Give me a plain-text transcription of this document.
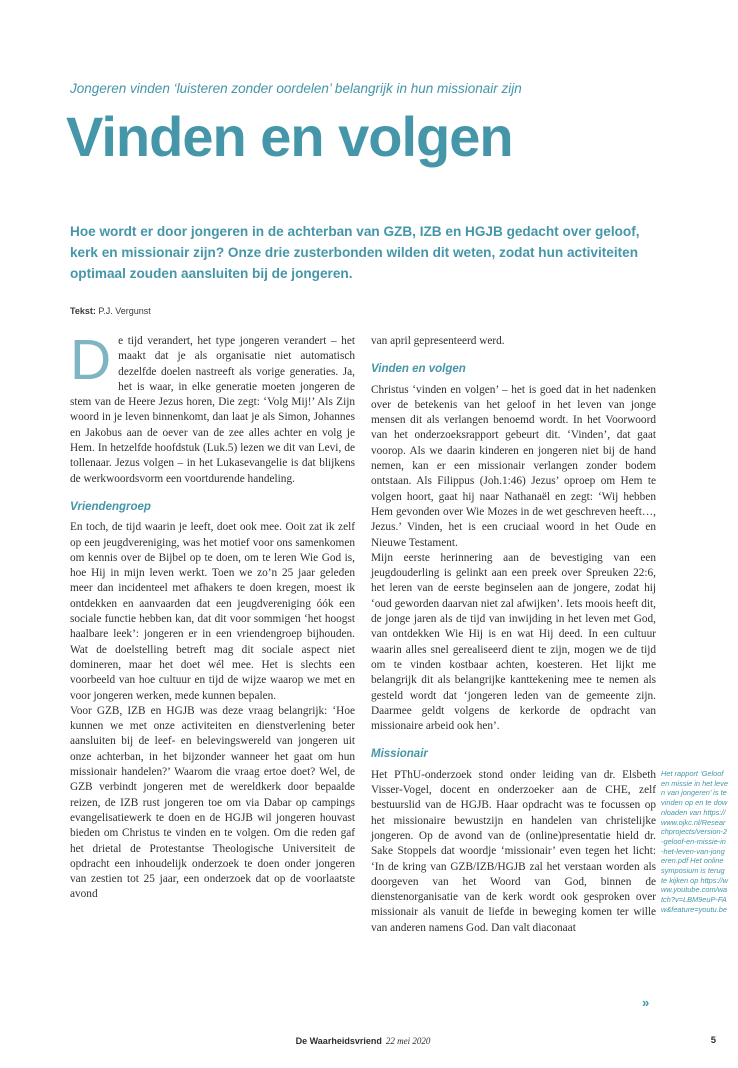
Jongeren vinden ‘luisteren zonder oordelen’ belangrijk in hun missionair zijn
Vinden en volgen

Hoe wordt er door jongeren in de achterban van GZB, IZB en HGJB gedacht over geloof, kerk en missionair zijn? Onze drie zusterbonden wilden dit weten, zodat hun activiteiten optimaal zouden aansluiten bij de jongeren.

Tekst: P.J. Vergunst

De tijd verandert, het type jongeren verandert – het maakt dat je als organisatie niet automatisch dezelfde doelen nastreeft als vorige generaties. Ja, het is waar, in elke generatie moeten jongeren de stem van de Heere Jezus horen, Die zegt: ‘Volg Mij!’ Als Zijn woord in je leven binnenkomt, dan laat je als Simon, Johannes en Jakobus aan de oever van de zee alles achter en volg je Hem. In hetzelfde hoofdstuk (Luk.5) lezen we dit van Levi, de tollenaar. Jezus volgen – in het Lukasevangelie is dat blijkens de werkwoordsvorm een voortdurende handeling.

Vriendengroep

En toch, de tijd waarin je leeft, doet ook mee. Ooit zat ik zelf op een jeugdvereniging, was het motief voor ons samenkomen om kennis over de Bijbel op te doen, om te leren Wie God is, hoe Hij in mijn leven werkt. Toen we zo’n 25 jaar geleden meer dan incidenteel met afhakers te doen kregen, moest ik ontdekken en aanvaarden dat een jeugdvereniging óók een sociale functie hebben kan, dat dit voor sommigen ‘het hoogst haalbare leek’: jongeren er in een vriendengroep bijhouden. Wat de doelstelling betreft mag dit sociale aspect niet domineren, maar het doet wél mee. Het is slechts een voorbeeld van hoe cultuur en tijd de wijze waarop we met en voor jongeren werken, mede kunnen bepalen.

Voor GZB, IZB en HGJB was deze vraag belangrijk: ‘Hoe kunnen we met onze activiteiten en dienstverlening beter aansluiten bij de leef- en belevingswereld van jongeren uit onze achterban, in het bijzonder wanneer het gaat om hun missionair handelen?’ Waarom die vraag ertoe doet? Wel, de GZB verbindt jongeren met de wereldkerk door bepaalde reizen, de IZB rust jongeren toe om via Dabar op campings evangelisatiewerk te doen en de HGJB wil jongeren houvast bieden om Christus te vinden en te volgen. Om die reden gaf het drietal de Protestantse Theologische Universiteit de opdracht een inhoudelijk onderzoek te doen onder jongeren van zestien tot 25 jaar, een onderzoek dat op de voorlaatste avond

van april gepresenteerd werd.

Vinden en volgen

Christus ‘vinden en volgen’ – het is goed dat in het nadenken over de betekenis van het geloof in het leven van jonge mensen dit als verlangen benoemd wordt. In het Voorwoord van het onderzoeksrapport gebeurt dit. ‘Vinden’, dat gaat voorop. Als we daarin kinderen en jongeren niet bij de hand nemen, kan er een missionair verlangen zonder bodem ontstaan. Als Filippus (Joh.1:46) Jezus’ oproep om Hem te volgen hoort, gaat hij naar Nathanaël en zegt: ‘Wij hebben Hem gevonden over Wie Mozes in de wet geschreven heeft…, Jezus.’ Vinden, het is een cruciaal woord in het Oude en Nieuwe Testament.

Mijn eerste herinnering aan de bevestiging van een jeugdouderling is gelinkt aan een preek over Spreuken 22:6, het leren van de eerste beginselen aan de jongere, zodat hij ‘oud geworden daarvan niet zal afwijken’. Iets moois heeft dit, de jonge jaren als de tijd van inwijding in het leven met God, van ontdekken Wie Hij is en wat Hij deed. In een cultuur waarin alles snel gerealiseerd dient te zijn, mogen we de tijd om te vinden kostbaar achten, koesteren. Het lijkt me belangrijk dit als belangrijke kanttekening mee te nemen als gesteld wordt dat ‘jongeren leden van de gemeente zijn. Daarmee geldt volgens de kerkorde de opdracht van missionaire arbeid ook hen’.

Missionair

Het PThU-onderzoek stond onder leiding van dr. Elsbeth Visser-Vogel, docent en onderzoeker aan de CHE, zelf bestuurslid van de HGJB. Haar opdracht was te focussen op het missionaire bewustzijn en handelen van christelijke jongeren. Op de avond van de (online)presentatie hield dr. Sake Stoppels dat woordje ‘missionair’ even tegen het licht: ‘In de kring van GZB/IZB/HGJB zal het verstaan worden als doorgeven van het Woord van God, binnen de dienstenorganisatie van de kerk wordt ook gesproken over missionair als vanuit de liefde in beweging komen ter wille van anderen namens God. Dan valt diaconaat

»
Het rapport ‘Geloof en missie in het leven van jongeren’ is te vinden op en te downloaden van https://www.ojkc.nl/Researchprojects/version-2-geloof-en-missie-in-het-leven-van-jongeren.pdf Het online symposium is terug te kijken op https://www.youtube.com/watch?v=LBM9euP-FAw&feature=youtu.be
De Waarheidsvriend 22 mei 2020	5
